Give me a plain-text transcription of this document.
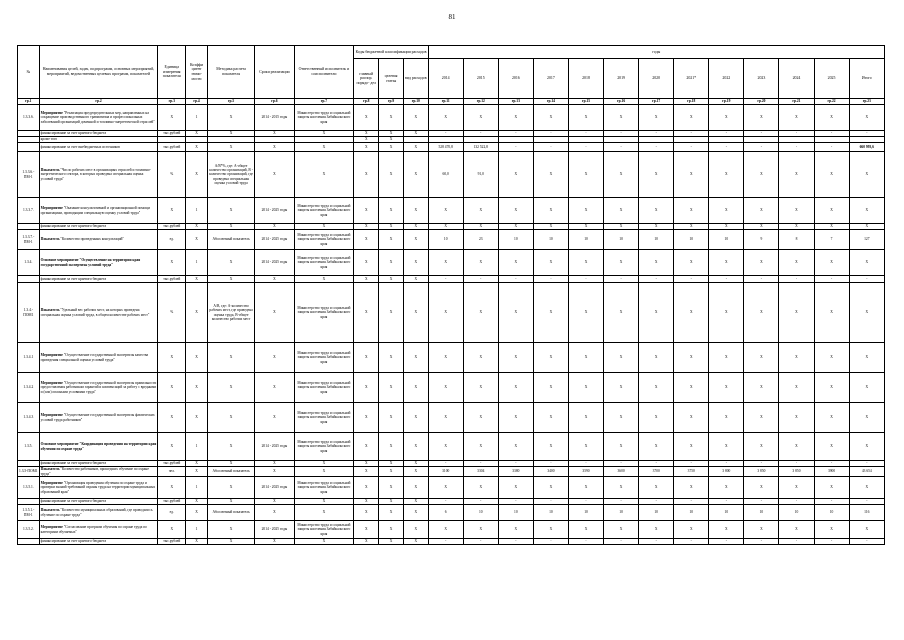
81
№	Наименования целей, задач, подпрограмм, основных мероприятий, мероприятий, ведомственных целевых программ, показателей	Единица измерения показателя	Коэффи циент значи- мости	Методика расчета показателя	Сроки реализации	Ответственный исполнитель и соисполнители	Коды бюджетной классификации расходов			годы												
							главный распор. порядо- дел	целевая статья	вид расходов	2014	2015	2016	2017	2018	2019	2020	2021*	2022	2023	2024	2025	Итого
гр.1	гр.2	гр.3	гр.4	гр.5	гр.6	гр.7	гр.8	гр.9	гр.10	гр.11	гр.12	гр.13	гр.14	гр.15	гр.16	гр.17	гр.18	гр.19	гр.20	гр.21	гр.22	гр.23
1.3.3.6.	Мероприятие "Реализация предупредительных мер, направленных на сокращение производственного травматизма и профессиональных заболеваний организаций доменной и топливно-энергетической отраслей"	X	1	X	2014 - 2015 годы	Министерство труда и социальной защиты населения Забайкальского края	X	X	X	X	X	X	X	X	X	X	X	X	X	X	X	X
	финансирование за счет краевого бюджета	тыс.рублей	X	X	X	X	X	X	X	-	-	-	-	-	-	-	-	-	-	-	-	-
	кроме того						X	X														
	финансирование за счет внебюджетных источников	тыс.рублей	X	X	X	X	X	X	X	528 470,8	132 522,8	-	-	-	-	-	-	-	-	-	-	660 993,6
1.3.3.6.-ПМ-1	Показатель "Число рабочих мест в организациях отраслей и топливно-энергетического сектора, в которых проведена специальная оценка условий труда"	%	X	А/В*%, где: А-общее количество организаций, В - количество организаций, где проведена специальная оценка условий труда	X	X	X	X	X	60,0	91,0	X	X	X	X	X	X	X	X	X	X	X
1.3.3.7.	Мероприятие "Оказание консультативной и организационной помощи организациям, проводящим специальную оценку условий труда"	X	1	X	2014 - 2025 годы	Министерство труда и социальной защиты населения Забайкальского края	X	X	X	X	X	X	X	X	X	X	X	X	X	X	X	X
	финансирование за счет краевого бюджета	тыс.рублей	X	X	X	X	X	X	X	X	X	X	X	X	X	X	X	X	X	X	X	X
1.3.3.7.-ПМ-1	Показатель "Количество проведенных консультаций"	ед.	X	Абсолютный показатель	2014 - 2025 годы	Министерство труда и социальной защиты населения Забайкальского края	X	X	X	10	23	10	10	10	10	10	10	10	9	8	7	127
1.3.4.	Основное мероприятие "Осуществление на территории края государственной экспертизы условий труда"	X	1	X	2014 - 2025 годы	Министерство труда и социальной защиты населения Забайкальского края	X	X	X	X	X	X	X	X	X	X	X	X	X	X	X	X
	финансирование за счет краевого бюджета	тыс.рублей	X	X	X	X	X	X	X	-	-	-	-	-	-	-	-	-	-	-	-	-
1.3.4.-ПОМ1	Показатель "Удельный вес рабочих мест, на которых проведена специальная оценка условий труда, в общем количестве рабочих мест"	%	X	А/В, где: А-количество рабочих мест, где проведена оценка труда, В-общее количество рабочих мест	X	Министерство труда и социальной защиты населения Забайкальского края	X	X	X	X	X	X	X	X	X	X	X	X	X	X	X	X
1.3.4.1	Мероприятие "Осуществление государственной экспертизы качества проведения специальной оценки условий труда"	X	X	X	X	Министерство труда и социальной защиты населения Забайкальского края	X	X	X	X	X	X	X	X	X	X	X	X	X	X	X	X
1.3.4.2	Мероприятие "Осуществление государственной экспертизы правильности предоставления работникам гарантий и компенсаций за работу с вредными и (или) опасными условиями труда"	X	X	X	X	Министерство труда и социальной защиты населения Забайкальского края	X	X	X	X	X	X	X	X	X	X	X	X	X	X	X	X
1.3.4.3	Мероприятие "Осуществление государственной экспертизы фактических условий труда работников"	X	X	X	X	Министерство труда и социальной защиты населения Забайкальского края	X	X	X	X	X	X	X	X	X	X	X	X	X	X	X	X
1.3.5.	Основное мероприятие "Координация проведения на территории края обучения по охране труда"	X	1	X	2014 - 2025 годы	Министерство труда и социальной защиты населения Забайкальского края	X	X	X	X	X	X	X	X	X	X	X	X	X	X	X	X
	финансирование за счет краевого бюджета	тыс.рублей	X	X	X	X	X	X	X	-	-	-	-	-	-	-	-	-	-	-	-	-
1.3.5-ПОМ1	Показатель "Количество работников, прошедших обучение по охране труда"	чел.	X	Абсолютный показатель	X	X	X	X	X	3100	3304	3380	3400	3590	3600	3700	3750	3 800	3 850	3 850	3900	43 654
1.3.5.1.	Мероприятие "Организация проведения обучения по охране труда и проверки знаний требований охраны труда на территории муниципальных образований края"	X	1	X	2014 - 2025 годы	Министерство труда и социальной защиты населения Забайкальского края	X	X	X	X	X	X	X	X	X	X	X	X	X	X	X	X
	финансирование за счет краевого бюджета	тыс.рублей	X	X	X	X	X	X	X	-	-	-	-	-	-	-	-	-	-	-	-	-
1.3.5.1.-ПМ-1	Показатель "Количество муниципальных образований, где проводилось обучение по охране труда"	ед.	X	Абсолютный показатель	X	X	X	X	X	6	10	10	10	10	10	10	10	10	10	10	10	116
1.3.5.2.	Мероприятие "Согласование программ обучения по охране труда по категориям обучаемых"	X	1	X	2014 - 2025 годы	Министерство труда и социальной защиты населения Забайкальского края	X	X	X	X	X	X	X	X	X	X	X	X	X	X	X	X
	финансирование за счет краевого бюджета	тыс.рублей	X	X	X	X	X	X	X	-	-	-	-	-	-	-	-	-	-	-	-	-
